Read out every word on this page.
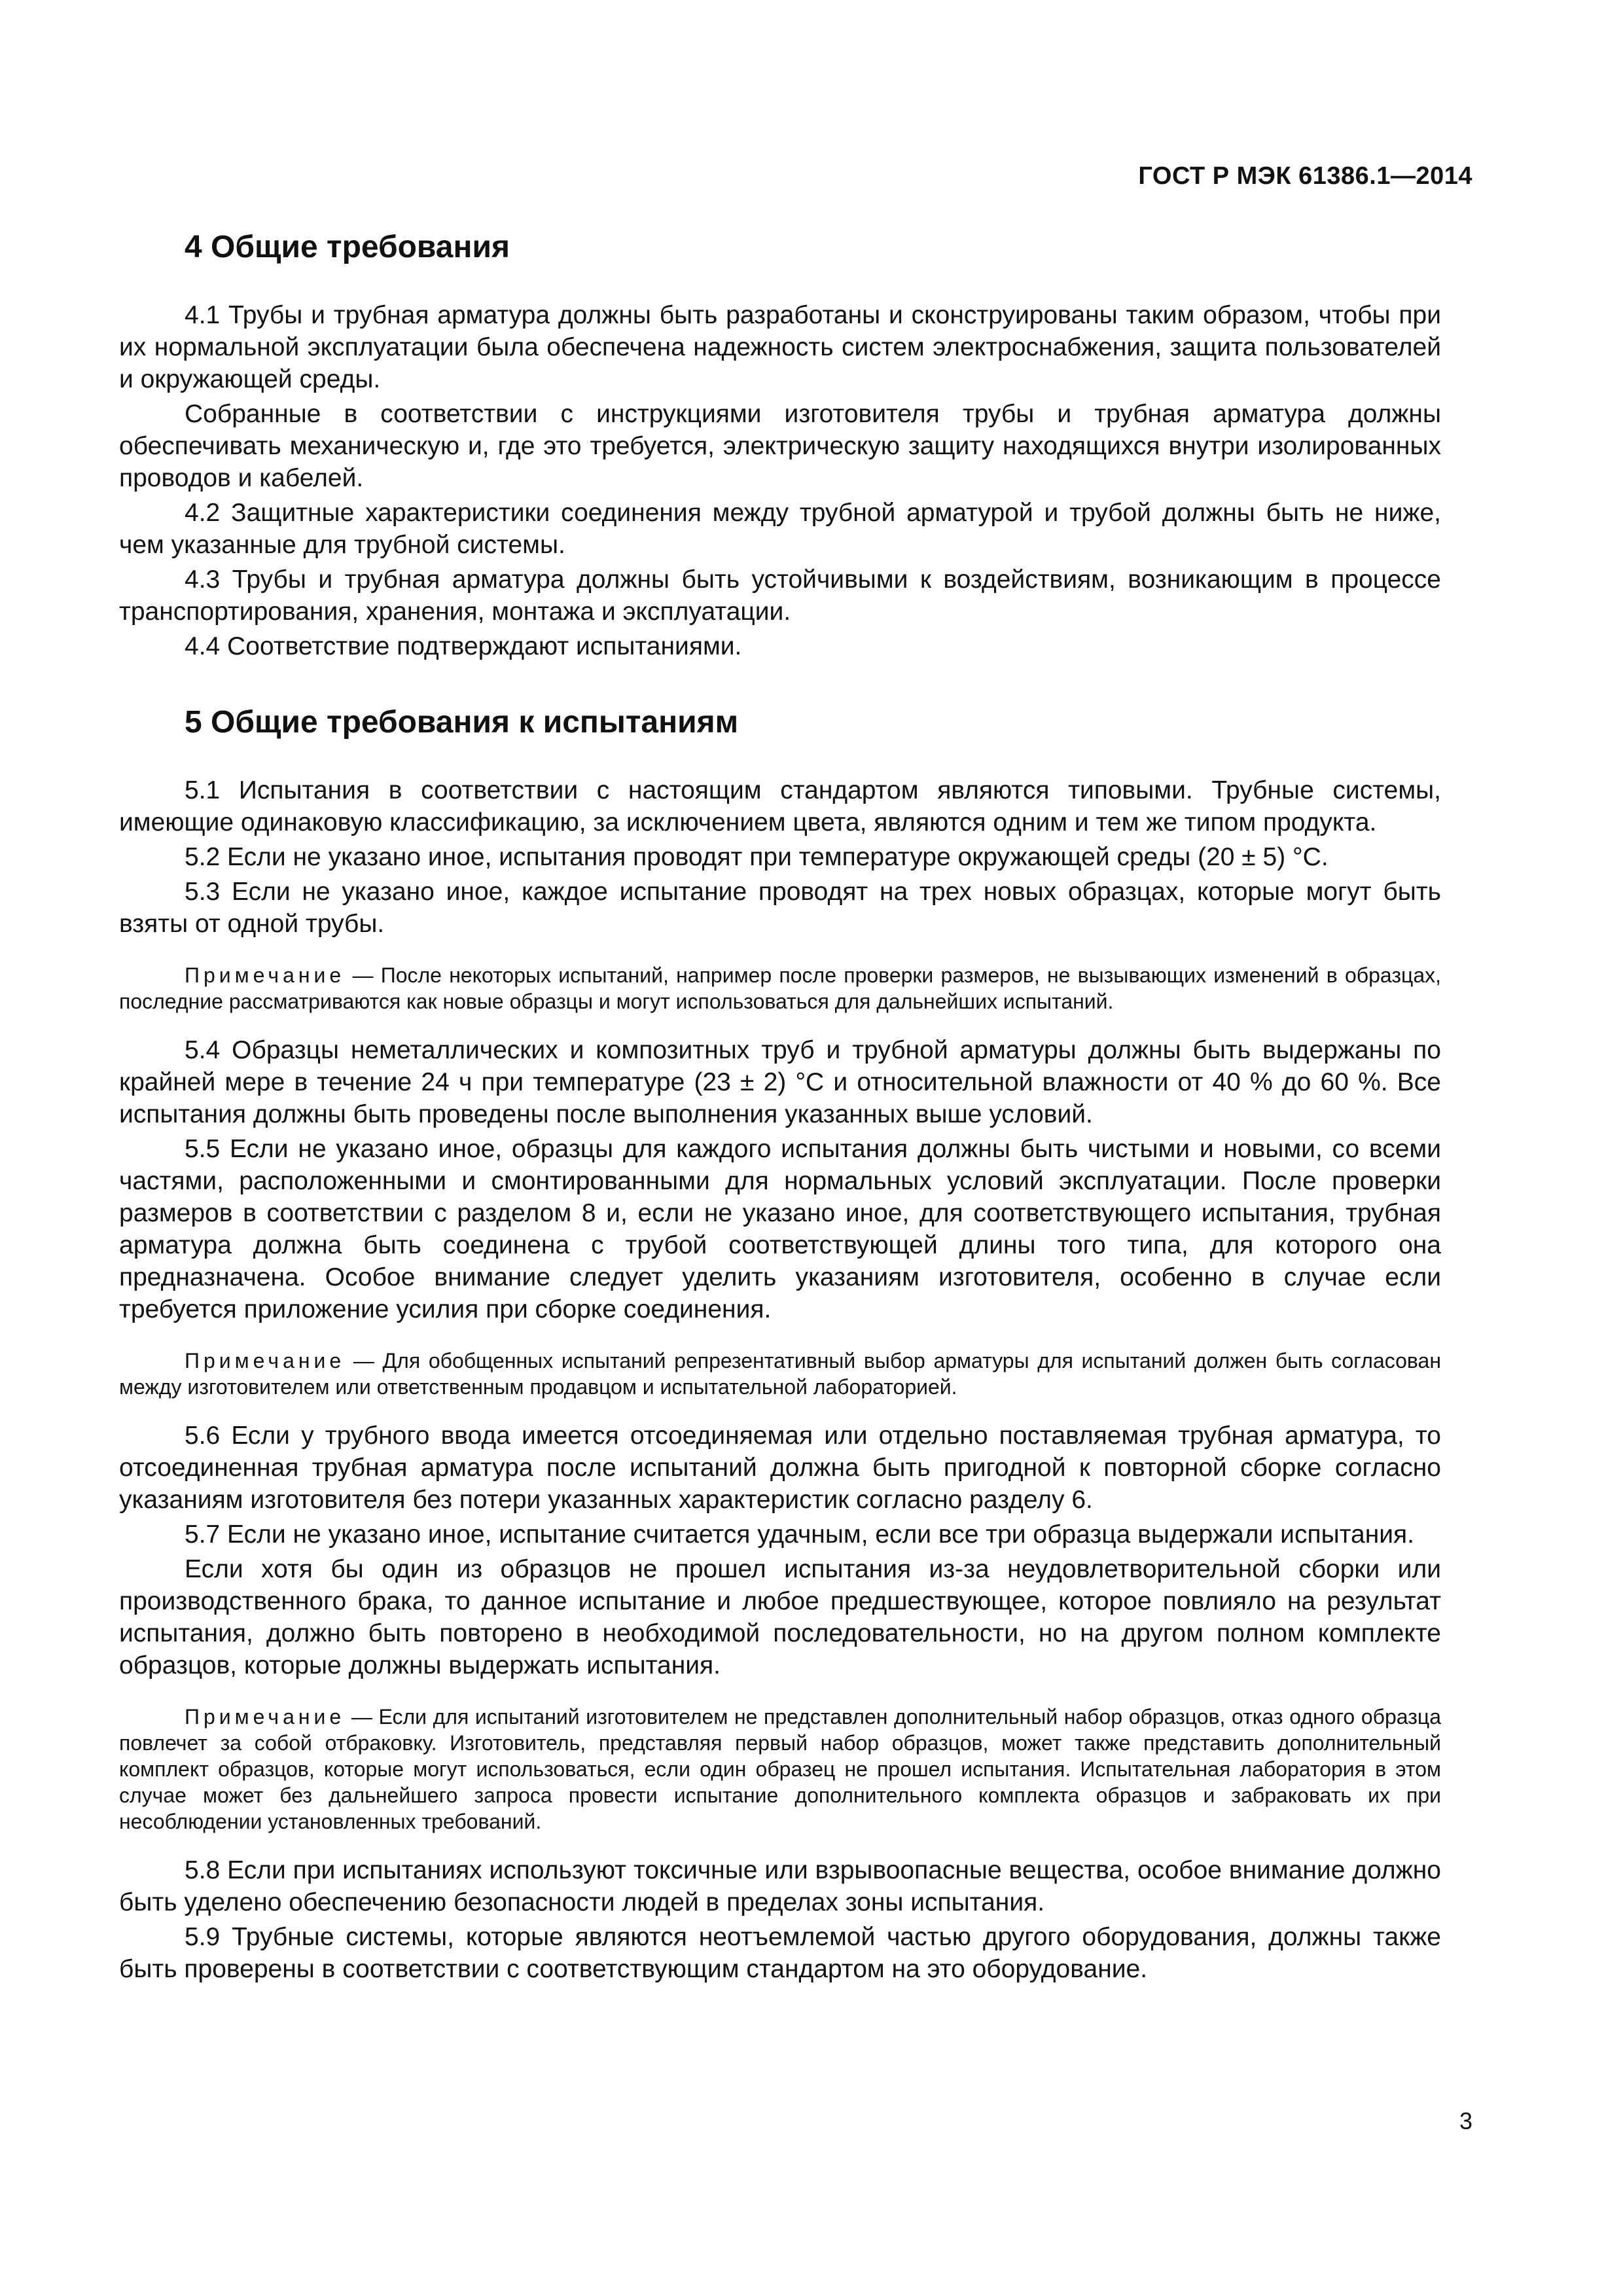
ГОСТ Р МЭК 61386.1—2014
4 Общие требования

4.1 Трубы и трубная арматура должны быть разработаны и сконструированы таким образом, чтобы при их нормальной эксплуатации была обеспечена надежность систем электроснабжения, защита пользователей и окружающей среды.

Собранные в соответствии с инструкциями изготовителя трубы и трубная арматура должны обеспечивать механическую и, где это требуется, электрическую защиту находящихся внутри изолированных проводов и кабелей.

4.2 Защитные характеристики соединения между трубной арматурой и трубой должны быть не ниже, чем указанные для трубной системы.

4.3 Трубы и трубная арматура должны быть устойчивыми к воздействиям, возникающим в процессе транспортирования, хранения, монтажа и эксплуатации.

4.4 Соответствие подтверждают испытаниями.

5 Общие требования к испытаниям

5.1 Испытания в соответствии с настоящим стандартом являются типовыми. Трубные системы, имеющие одинаковую классификацию, за исключением цвета, являются одним и тем же типом продукта.

5.2 Если не указано иное, испытания проводят при температуре окружающей среды (20 ± 5) °С.

5.3 Если не указано иное, каждое испытание проводят на трех новых образцах, которые могут быть взяты от одной трубы.

Примечание — После некоторых испытаний, например после проверки размеров, не вызывающих изменений в образцах, последние рассматриваются как новые образцы и могут использоваться для дальнейших испытаний.

5.4 Образцы неметаллических и композитных труб и трубной арматуры должны быть выдержаны по крайней мере в течение 24 ч при температуре (23 ± 2) °С и относительной влажности от 40 % до 60 %. Все испытания должны быть проведены после выполнения указанных выше условий.

5.5 Если не указано иное, образцы для каждого испытания должны быть чистыми и новыми, со всеми частями, расположенными и смонтированными для нормальных условий эксплуатации. После проверки размеров в соответствии с разделом 8 и, если не указано иное, для соответствующего испытания, трубная арматура должна быть соединена с трубой соответствующей длины того типа, для которого она предназначена. Особое внимание следует уделить указаниям изготовителя, особенно в случае если требуется приложение усилия при сборке соединения.

Примечание — Для обобщенных испытаний репрезентативный выбор арматуры для испытаний должен быть согласован между изготовителем или ответственным продавцом и испытательной лабораторией.

5.6 Если у трубного ввода имеется отсоединяемая или отдельно поставляемая трубная арматура, то отсоединенная трубная арматура после испытаний должна быть пригодной к повторной сборке согласно указаниям изготовителя без потери указанных характеристик согласно разделу 6.

5.7 Если не указано иное, испытание считается удачным, если все три образца выдержали испытания.

Если хотя бы один из образцов не прошел испытания из-за неудовлетворительной сборки или производственного брака, то данное испытание и любое предшествующее, которое повлияло на результат испытания, должно быть повторено в необходимой последовательности, но на другом полном комплекте образцов, которые должны выдержать испытания.

Примечание — Если для испытаний изготовителем не представлен дополнительный набор образцов, отказ одного образца повлечет за собой отбраковку. Изготовитель, представляя первый набор образцов, может также представить дополнительный комплект образцов, которые могут использоваться, если один образец не прошел испытания. Испытательная лаборатория в этом случае может без дальнейшего запроса провести испытание дополнительного комплекта образцов и забраковать их при несоблюдении установленных требований.

5.8 Если при испытаниях используют токсичные или взрывоопасные вещества, особое внимание должно быть уделено обеспечению безопасности людей в пределах зоны испытания.

5.9 Трубные системы, которые являются неотъемлемой частью другого оборудования, должны также быть проверены в соответствии с соответствующим стандартом на это оборудование.

3
